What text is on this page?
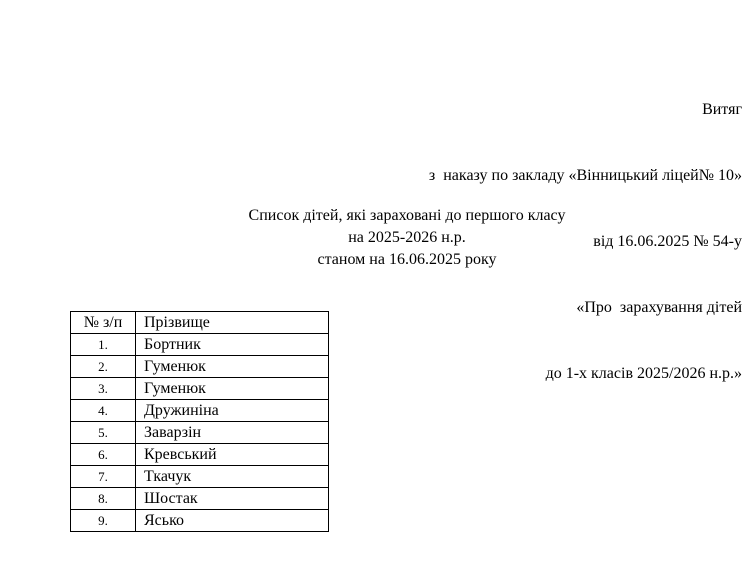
Витяг

з  наказу по закладу «Вінницький ліцей№ 10»

від 16.06.2025 № 54-у

«Про  зарахування дітей

до 1-х класів 2025/2026 н.р.»

Список дітей, які зараховані до першого класу
на 2025-2026 н.р.
станом на 16.06.2025 року
№ з/п	Прізвище
1.	Бортник
2.	Гуменюк
3.	Гуменюк
4.	Дружиніна
5.	Заварзін
6.	Кревський
7.	Ткачук
8.	Шостак
9.	Ясько
